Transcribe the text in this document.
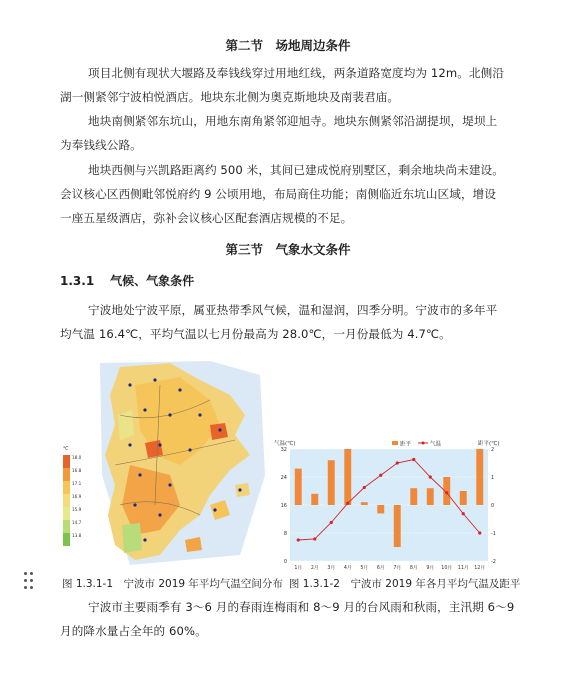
第二节　场地周边条件
项目北侧有现状大堰路及奉钱线穿过用地红线，两条道路宽度均为 12m。北侧沿
湖一侧紧邻宁波柏悦酒店。地块东北侧为奥克斯地块及南裴君庙。
地块南侧紧邻东坑山，用地东南角紧邻迎旭寺。地块东侧紧邻沿湖提坝，堤坝上
为奉钱线公路。
地块西侧与兴凯路距离约 500 米，其间已建成悦府别墅区，剩余地块尚未建设。
会议核心区西侧毗邻悦府约 9 公顷用地，布局商住功能；南侧临近东坑山区域，增设
一座五星级酒店，弥补会议核心区配套酒店规模的不足。
第三节　气象水文条件
1.3.1 气候、气象条件
宁波地处宁波平原，属亚热带季风气候，温和湿润，四季分明。宁波市的多年平
均气温 16.4℃，平均气温以七月份最高为 28.0℃，一月份最低为 4.7℃。
℃
18.0
16.8
17.1
16.9
15.9
14.7
13.8
气温(℃)	距平(℃)
1月 2月 3月 4月 5月 6月 7月 8月 9月 10月 11月 12月
0
8
16
24
32
-2
-1
0
1
2
距平	气温
图 1.3.1-1　宁波市 2019 年平均气温空间分布 图 1.3.1-2　宁波市 2019 年各月平均气温及距平
宁波市主要雨季有 3～6 月的春雨连梅雨和 8～9 月的台风雨和秋雨，主汛期 6～9
月的降水量占全年的 60%。
